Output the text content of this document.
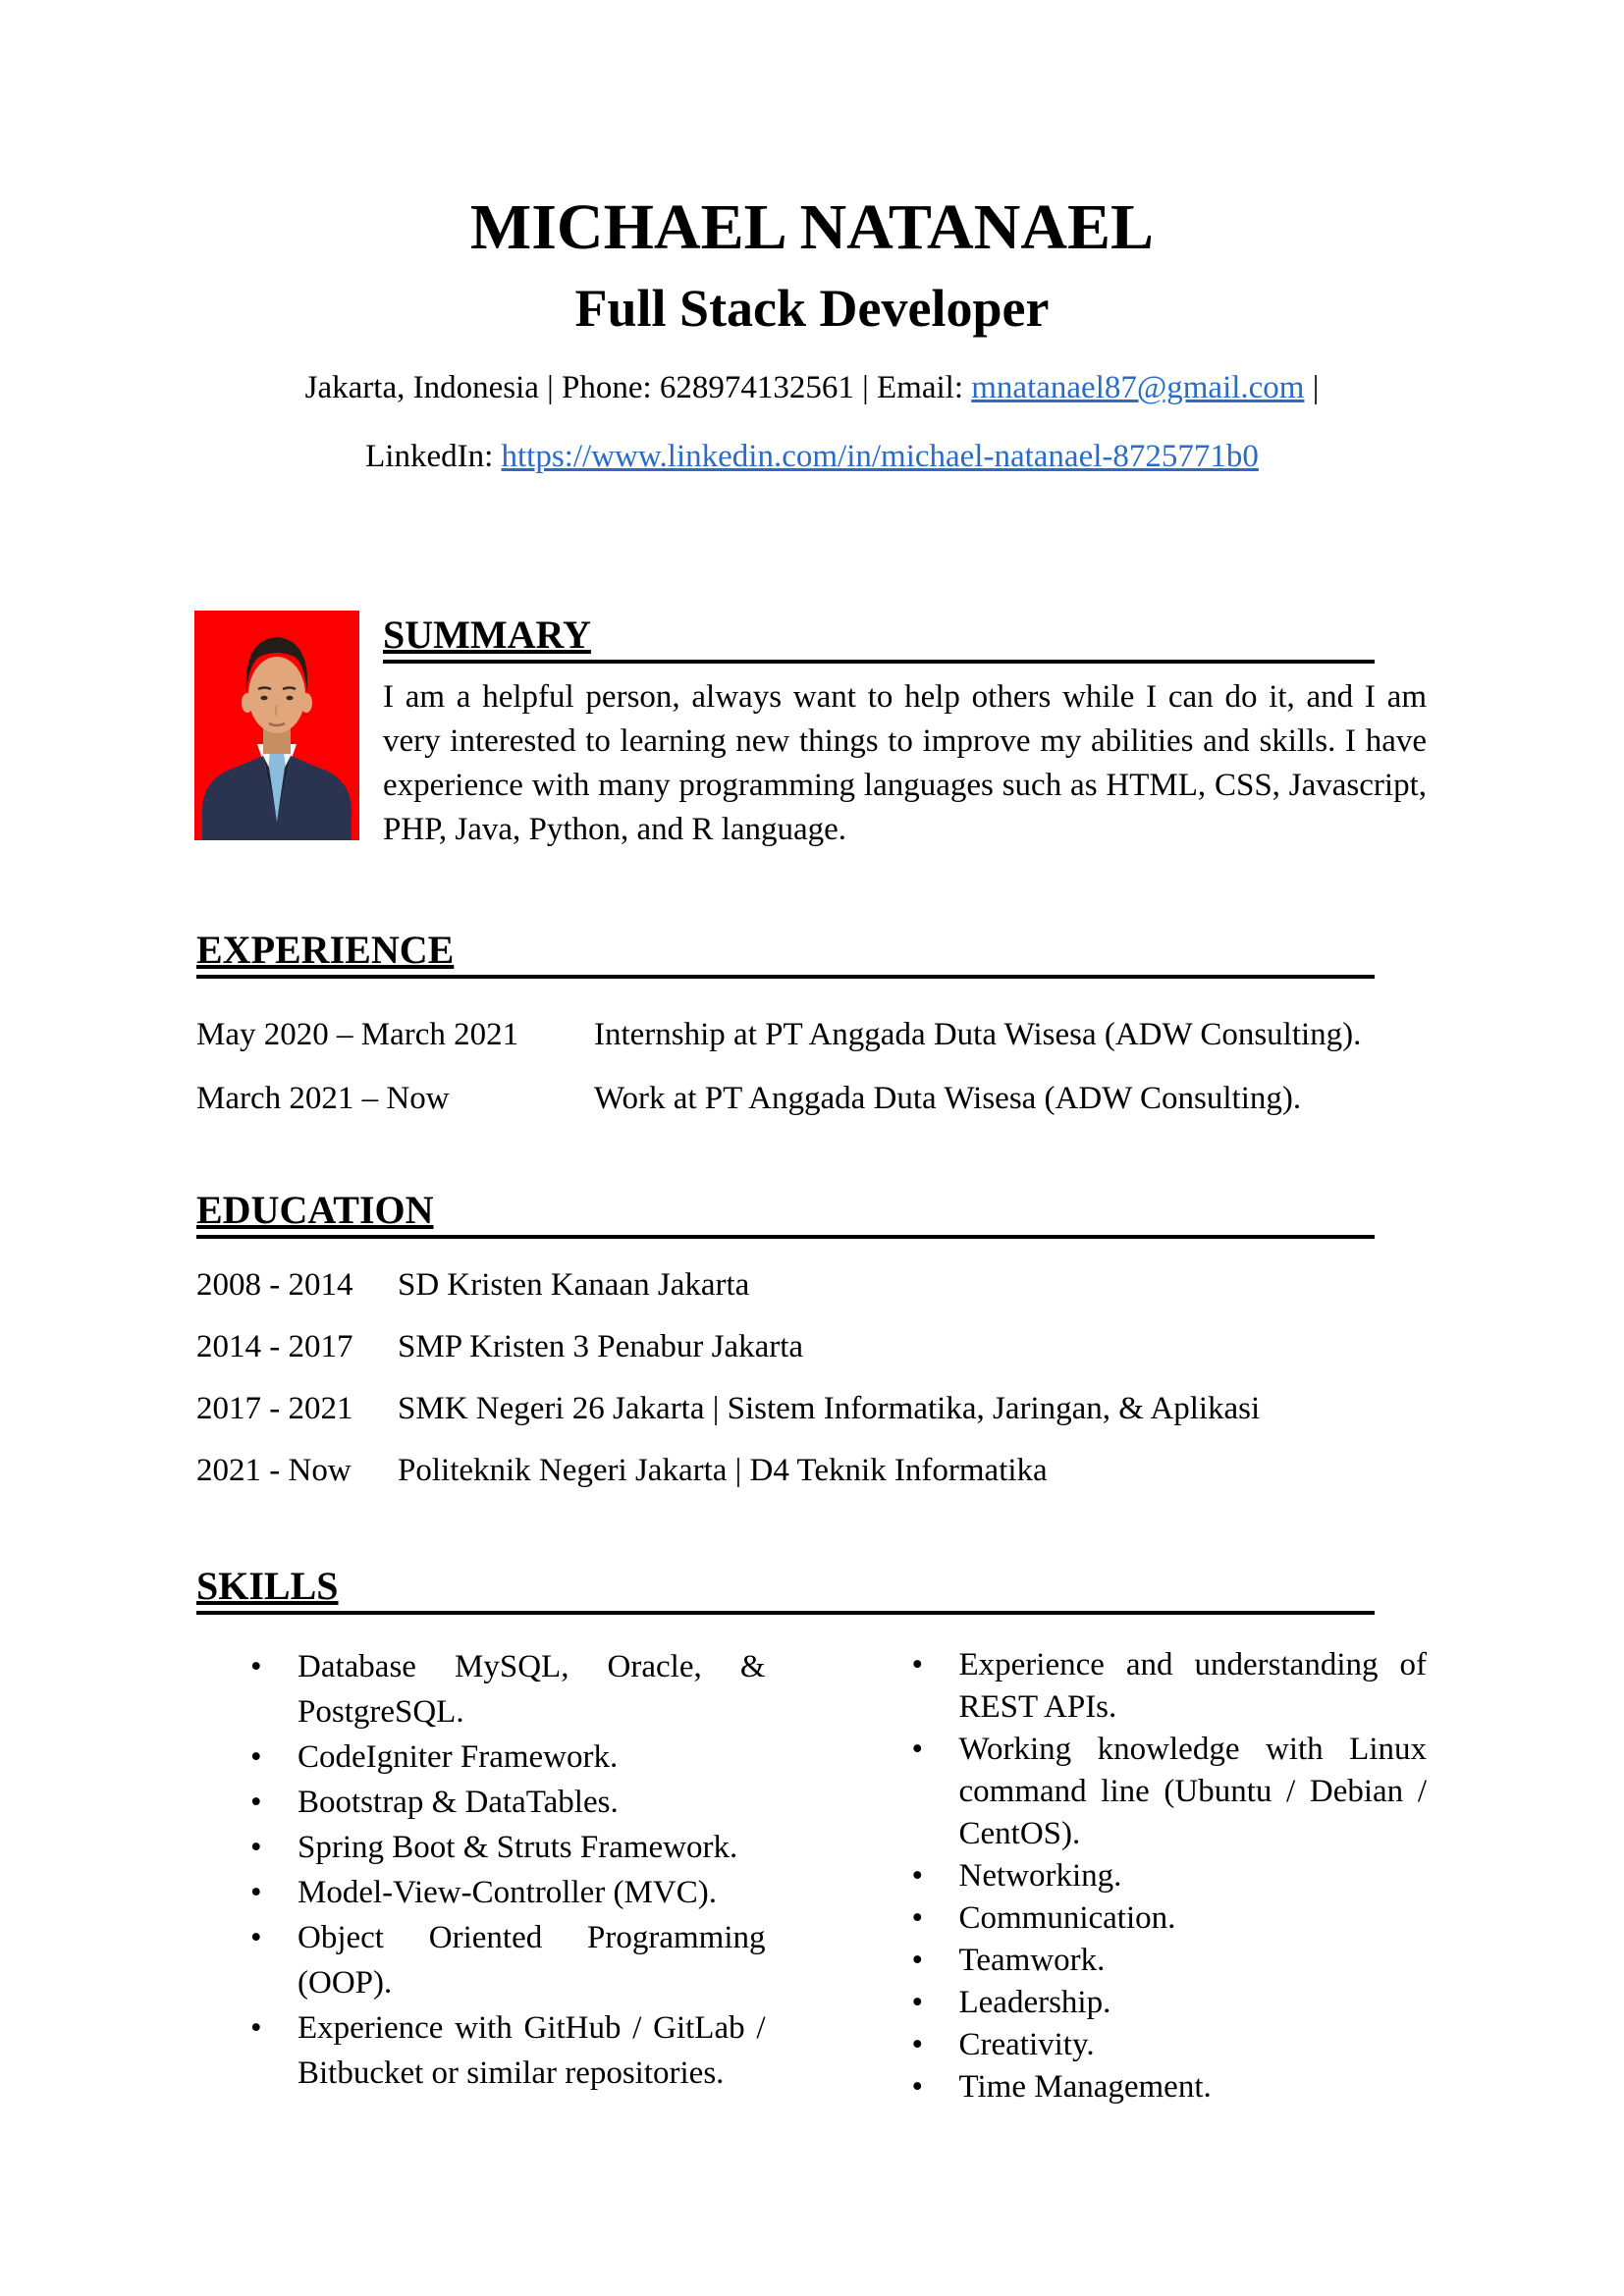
MICHAEL NATANAEL
Full Stack Developer
Jakarta, Indonesia | Phone: 628974132561 | Email: mnatanael87@gmail.com |
LinkedIn: https://www.linkedin.com/in/michael-natanael-8725771b0
SUMMARY
I am a helpful person, always want to help others while I can do it, and I am very interested to learning new things to improve my abilities and skills. I have experience with many programming languages such as HTML, CSS, Javascript, PHP, Java, Python, and R language.
EXPERIENCE
May 2020 – March 2021	Internship at PT Anggada Duta Wisesa (ADW Consulting).
March 2021 – Now	Work at PT Anggada Duta Wisesa (ADW Consulting).
EDUCATION
2008 - 2014	SD Kristen Kanaan Jakarta
2014 - 2017	SMP Kristen 3 Penabur Jakarta
2017 - 2021	SMK Negeri 26 Jakarta | Sistem Informatika, Jaringan, & Aplikasi
2021 - Now	Politeknik Negeri Jakarta | D4 Teknik Informatika
SKILLS
•	Database MySQL, Oracle, & PostgreSQL.
•	CodeIgniter Framework.
•	Bootstrap & DataTables.
•	Spring Boot & Struts Framework.
•	Model-View-Controller (MVC).
•	Object Oriented Programming (OOP).
•	Experience with GitHub / GitLab / Bitbucket or similar repositories.
•	Experience and understanding of REST APIs.
•	Working knowledge with Linux command line (Ubuntu / Debian / CentOS).
•	Networking.
•	Communication.
•	Teamwork.
•	Leadership.
•	Creativity.
•	Time Management.
